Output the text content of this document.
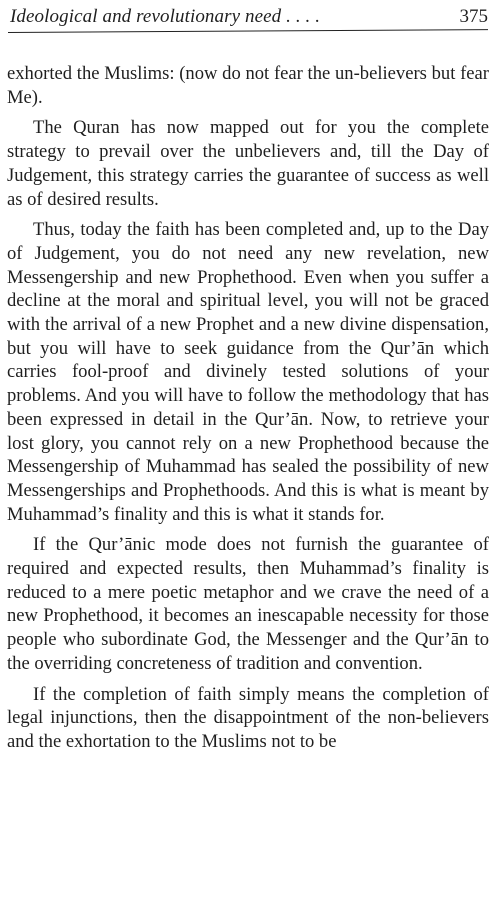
Ideological and revolutionary need . . . .	375

exhorted the Muslims: (now do not fear the un-believers but fear Me).

The Quran has now mapped out for you the complete strategy to prevail over the unbelievers and, till the Day of Judgement, this strategy carries the guarantee of success as well as of desired results.

Thus, today the faith has been completed and, up to the Day of Judgement, you do not need any new revelation, new Messengership and new Prophethood. Even when you suffer a decline at the moral and spiritual level, you will not be graced with the arrival of a new Prophet and a new divine dispensation, but you will have to seek guidance from the Qur’ān which carries fool-proof and divinely tested solutions of your problems. And you will have to follow the methodology that has been expressed in detail in the Qur’ān. Now, to retrieve your lost glory, you cannot rely on a new Prophethood because the Messengership of Muhammad has sealed the possibility of new Messengerships and Prophethoods. And this is what is meant by Muhammad’s finality and this is what it stands for.

If the Qur’ānic mode does not furnish the guarantee of required and expected results, then Muhammad’s finality is reduced to a mere poetic metaphor and we crave the need of a new Prophethood, it becomes an inescapable necessity for those people who subordinate God, the Messenger and the Qur’ān to the overriding concreteness of tradition and convention.

If the completion of faith simply means the completion of legal injunctions, then the disappointment of the non-believers and the exhortation to the Muslims not to be
